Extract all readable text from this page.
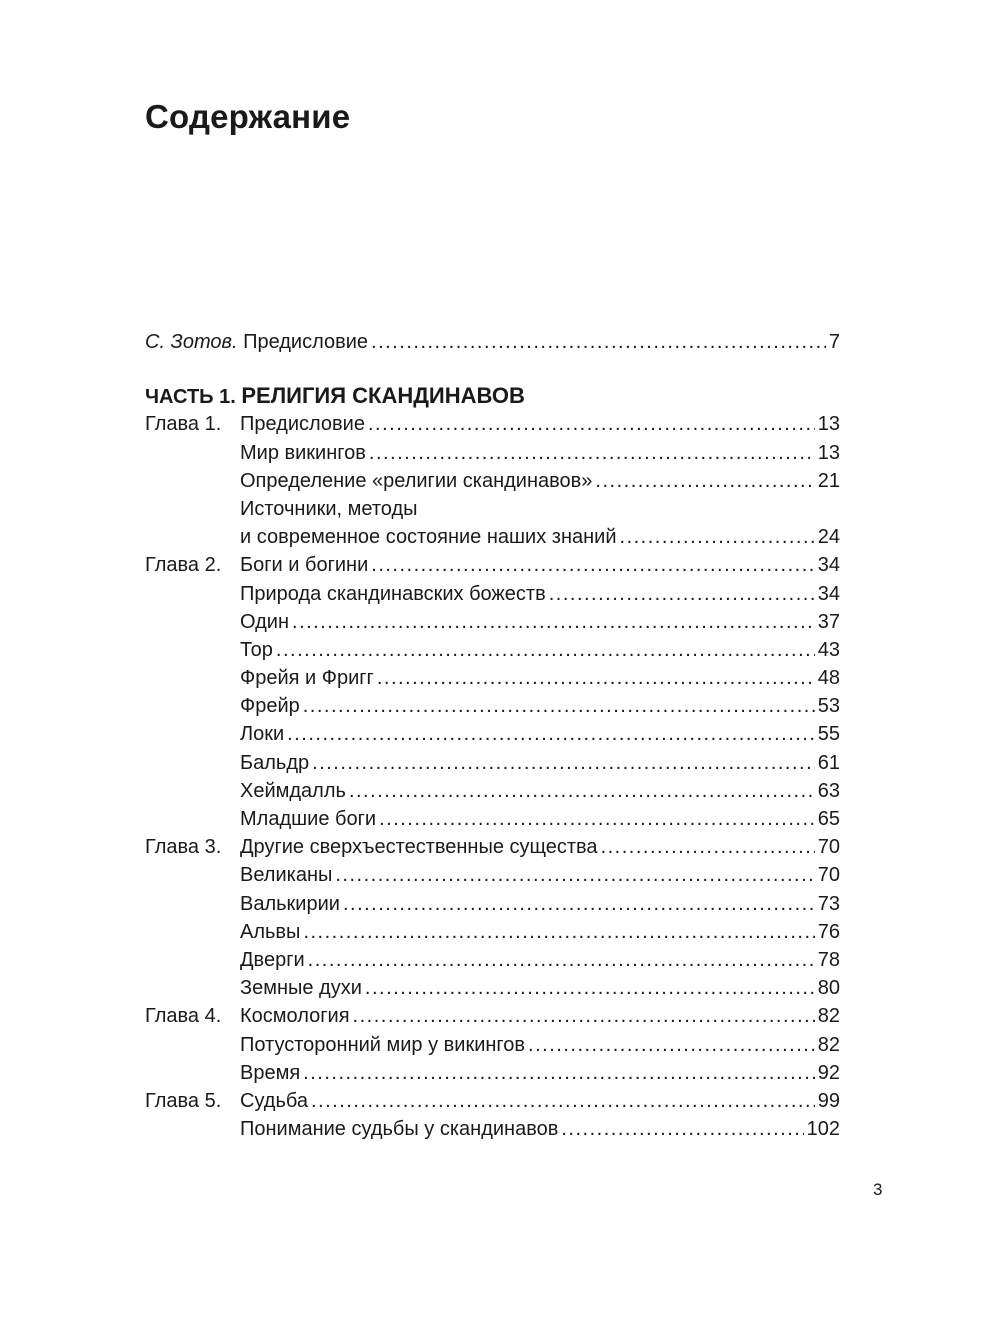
Содержание
С. Зотов. Предисловие .....	7
ЧАСТЬ 1. РЕЛИГИЯ СКАНДИНАВОВ
Глава 1. Предисловие .....	13
Мир викингов .....	13
Определение «религии скандинавов» .....	21
Источники, методы
и современное состояние наших знаний .....	24
Глава 2. Боги и богини .....	34
Природа скандинавских божеств .....	34
Один .....	37
Тор .....	43
Фрейя и Фригг .....	48
Фрейр .....	53
Локи .....	55
Бальдр .....	61
Хеймдалль .....	63
Младшие боги .....	65
Глава 3. Другие сверхъестественные существа .....	70
Великаны .....	70
Валькирии .....	73
Альвы .....	76
Дверги .....	78
Земные духи .....	80
Глава 4. Космология .....	82
Потусторонний мир у викингов .....	82
Время .....	92
Глава 5. Судьба .....	99
Понимание судьбы у скандинавов .....	102
3
